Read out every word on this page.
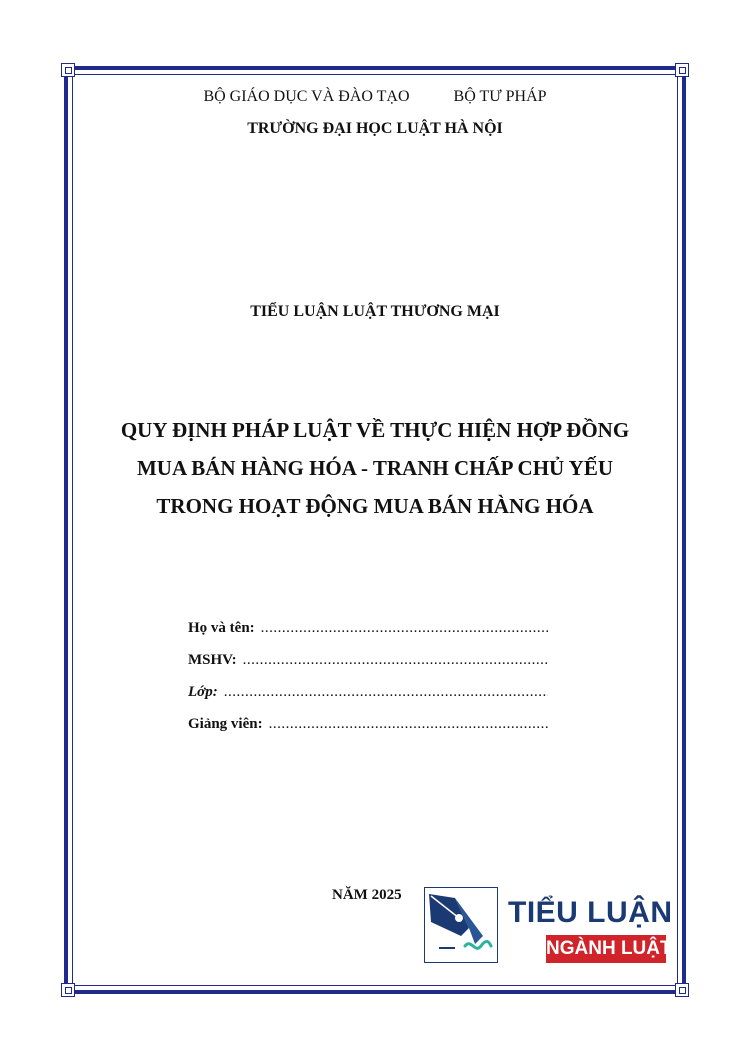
BỘ GIÁO DỤC VÀ ĐÀO TẠO	BỘ TƯ PHÁP
TRƯỜNG ĐẠI HỌC LUẬT HÀ NỘI
TIỂU LUẬN LUẬT THƯƠNG MẠI
QUY ĐỊNH PHÁP LUẬT VỀ THỰC HIỆN HỢP ĐỒNG
MUA BÁN HÀNG HÓA - TRANH CHẤP CHỦ YẾU
TRONG HOẠT ĐỘNG MUA BÁN HÀNG HÓA
Họ và tên:
.....
MSHV:
.....
Lớp:
.....
Giảng viên:
.....
NĂM 2025
TIỂU LUẬN
NGÀNH LUẬT
